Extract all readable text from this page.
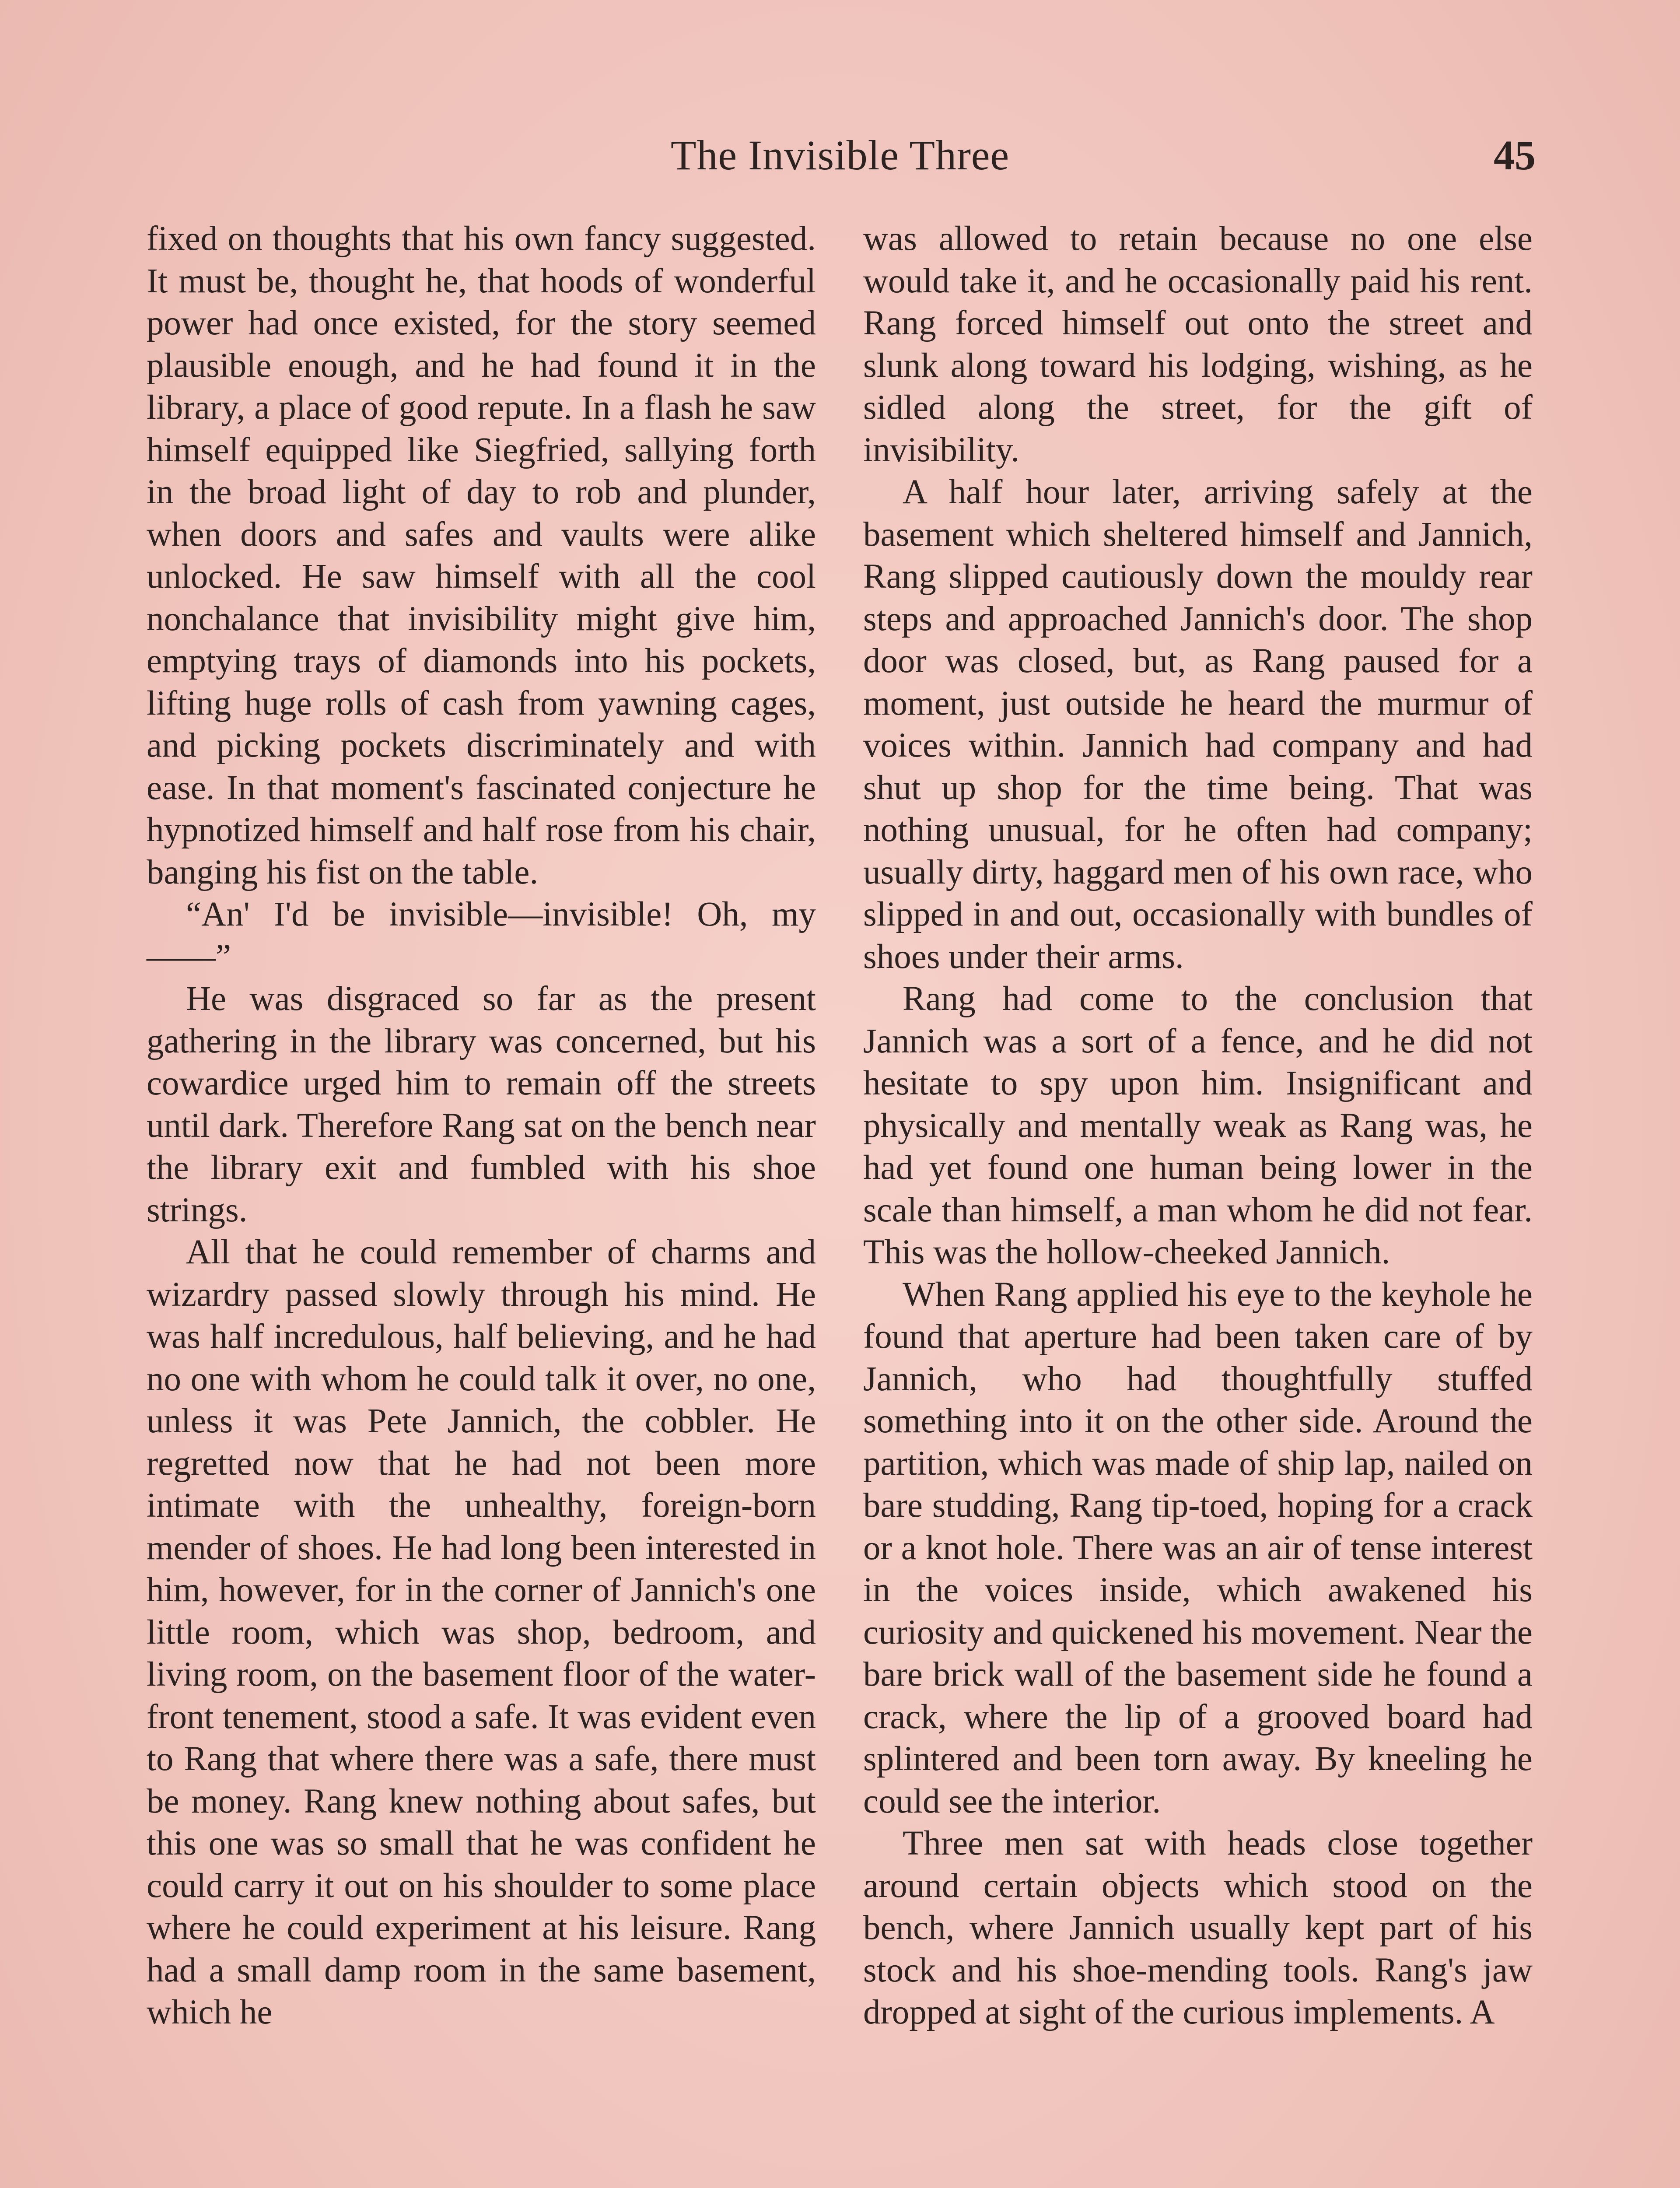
The Invisible Three	45

fixed on thoughts that his own fancy suggested. It must be, thought he, that hoods of wonderful power had once existed, for the story seemed plausible enough, and he had found it in the library, a place of good repute. In a flash he saw himself equipped like Siegfried, sallying forth in the broad light of day to rob and plunder, when doors and safes and vaults were alike unlocked. He saw himself with all the cool nonchalance that invisibility might give him, emptying trays of diamonds into his pockets, lifting huge rolls of cash from yawning cages, and picking pockets discriminately and with ease. In that moment's fascinated conjecture he hypnotized himself and half rose from his chair, banging his fist on the table.

“An' I'd be invisible—invisible! Oh, my——”

He was disgraced so far as the present gathering in the library was concerned, but his cowardice urged him to remain off the streets until dark. Therefore Rang sat on the bench near the library exit and fumbled with his shoe strings.

All that he could remember of charms and wizardry passed slowly through his mind. He was half incredulous, half believing, and he had no one with whom he could talk it over, no one, unless it was Pete Jannich, the cobbler. He regretted now that he had not been more intimate with the unhealthy, foreign-born mender of shoes. He had long been interested in him, however, for in the corner of Jannich's one little room, which was shop, bedroom, and living room, on the basement floor of the water-front tenement, stood a safe. It was evident even to Rang that where there was a safe, there must be money. Rang knew nothing about safes, but this one was so small that he was confident he could carry it out on his shoulder to some place where he could experiment at his leisure. Rang had a small damp room in the same basement, which he

was allowed to retain because no one else would take it, and he occasionally paid his rent. Rang forced himself out onto the street and slunk along toward his lodging, wishing, as he sidled along the street, for the gift of invisibility.

A half hour later, arriving safely at the basement which sheltered himself and Jannich, Rang slipped cautiously down the mouldy rear steps and approached Jannich's door. The shop door was closed, but, as Rang paused for a moment, just outside he heard the murmur of voices within. Jannich had company and had shut up shop for the time being. That was nothing unusual, for he often had company; usually dirty, haggard men of his own race, who slipped in and out, occasionally with bundles of shoes under their arms.

Rang had come to the conclusion that Jannich was a sort of a fence, and he did not hesitate to spy upon him. Insignificant and physically and mentally weak as Rang was, he had yet found one human being lower in the scale than himself, a man whom he did not fear. This was the hollow-cheeked Jannich.

When Rang applied his eye to the keyhole he found that aperture had been taken care of by Jannich, who had thoughtfully stuffed something into it on the other side. Around the partition, which was made of ship lap, nailed on bare studding, Rang tip-toed, hoping for a crack or a knot hole. There was an air of tense interest in the voices inside, which awakened his curiosity and quickened his movement. Near the bare brick wall of the basement side he found a crack, where the lip of a grooved board had splintered and been torn away. By kneeling he could see the interior.

Three men sat with heads close together around certain objects which stood on the bench, where Jannich usually kept part of his stock and his shoe-mending tools. Rang's jaw dropped at sight of the curious implements. A
